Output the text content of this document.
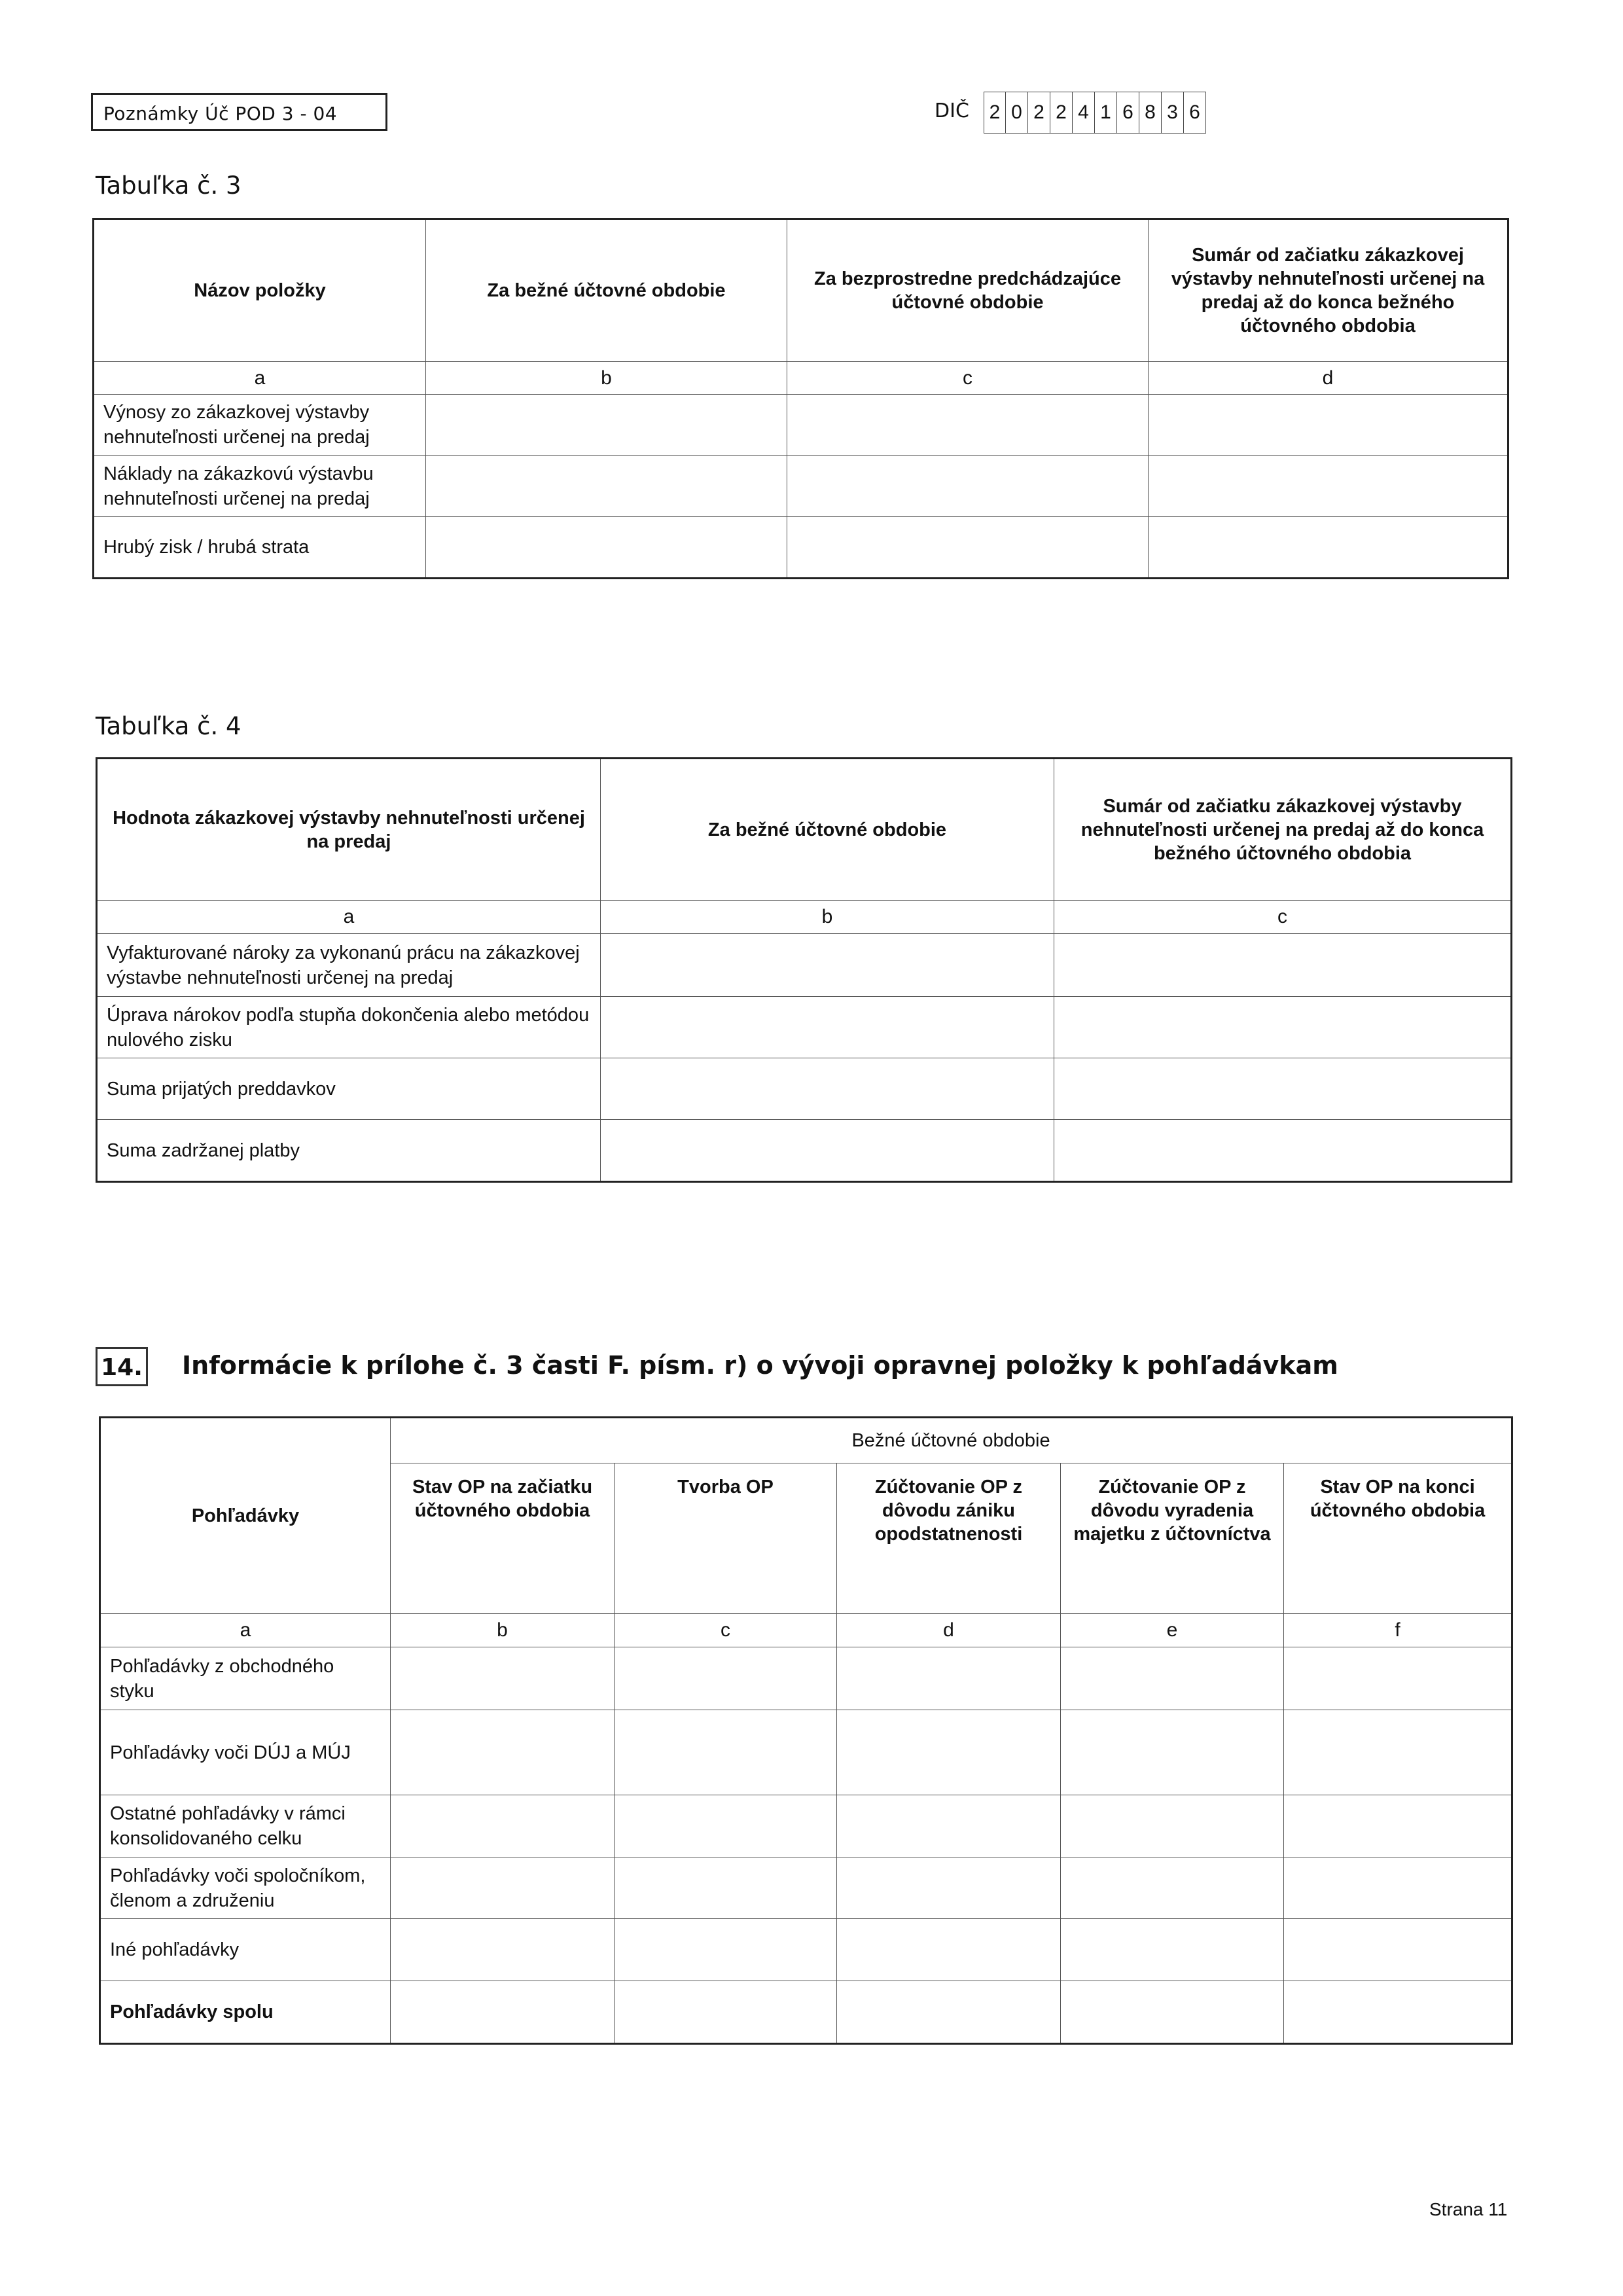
Poznámky Úč POD 3 - 04	DIČ 2 0 2 2 4 1 6 8 3 6
Tabuľka č. 3
Názov položky	Za bežné účtovné obdobie	Za bezprostredne predchádzajúce účtovné obdobie	Sumár od začiatku zákazkovej výstavby nehnuteľnosti určenej na predaj až do konca bežného účtovného obdobia
a	b	c	d
Výnosy zo zákazkovej výstavby nehnuteľnosti určenej na predaj			
Náklady na zákazkovú výstavbu nehnuteľnosti určenej na predaj			
Hrubý zisk / hrubá strata			
Tabuľka č. 4
Hodnota zákazkovej výstavby nehnuteľnosti určenej na predaj	Za bežné účtovné obdobie	Sumár od začiatku zákazkovej výstavby nehnuteľnosti určenej na predaj až do konca bežného účtovného obdobia
a	b	c
Vyfakturované nároky za vykonanú prácu na zákazkovej výstavbe nehnuteľnosti určenej na predaj		
Úprava nárokov podľa stupňa dokončenia alebo metódou nulového zisku		
Suma prijatých preddavkov		
Suma zadržanej platby		
14. Informácie k prílohe č. 3 časti F. písm. r) o vývoji opravnej položky k pohľadávkam
Pohľadávky	Bežné účtovné obdobie				
	Stav OP na začiatku účtovného obdobia	Tvorba OP	Zúčtovanie OP z dôvodu zániku opodstatnenosti	Zúčtovanie OP z dôvodu vyradenia majetku z účtovníctva	Stav OP na konci účtovného obdobia
a	b	c	d	e	f
Pohľadávky z obchodného styku					
Pohľadávky voči DÚJ a MÚJ					
Ostatné pohľadávky v rámci konsolidovaného celku					
Pohľadávky voči spoločníkom, členom a združeniu					
Iné pohľadávky					
Pohľadávky spolu					
Strana 11
